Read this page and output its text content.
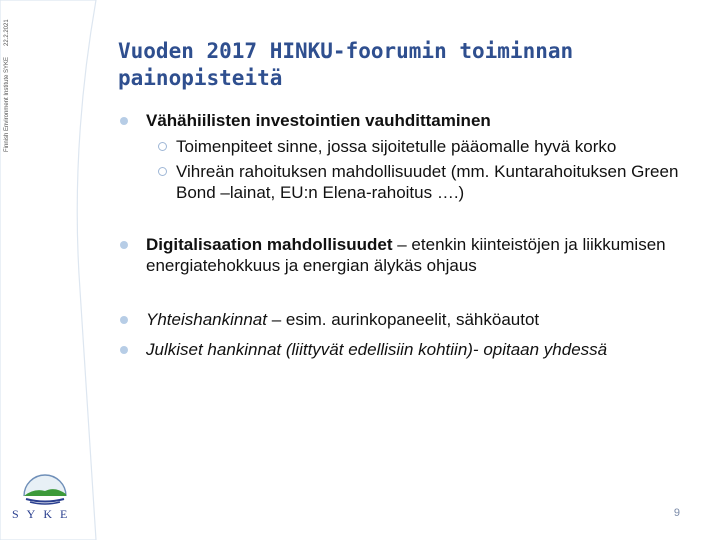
22.2.2021
Finnish Environment Institute SYKE
SYKE
Vuoden 2017 HINKU-foorumin toiminnan painopisteitä
Vähähiilisten investointien vauhdittaminen
Toimenpiteet sinne, jossa sijoitetulle pääomalle hyvä korko
Vihreän rahoituksen mahdollisuudet (mm. Kuntarahoituksen Green Bond –lainat, EU:n Elena-rahoitus ….)
Digitalisaation mahdollisuudet – etenkin kiinteistöjen ja liikkumisen energiatehokkuus ja energian älykäs ohjaus
Yhteishankinnat – esim. aurinkopaneelit, sähköautot
Julkiset hankinnat (liittyvät edellisiin kohtiin)- opitaan yhdessä
9
